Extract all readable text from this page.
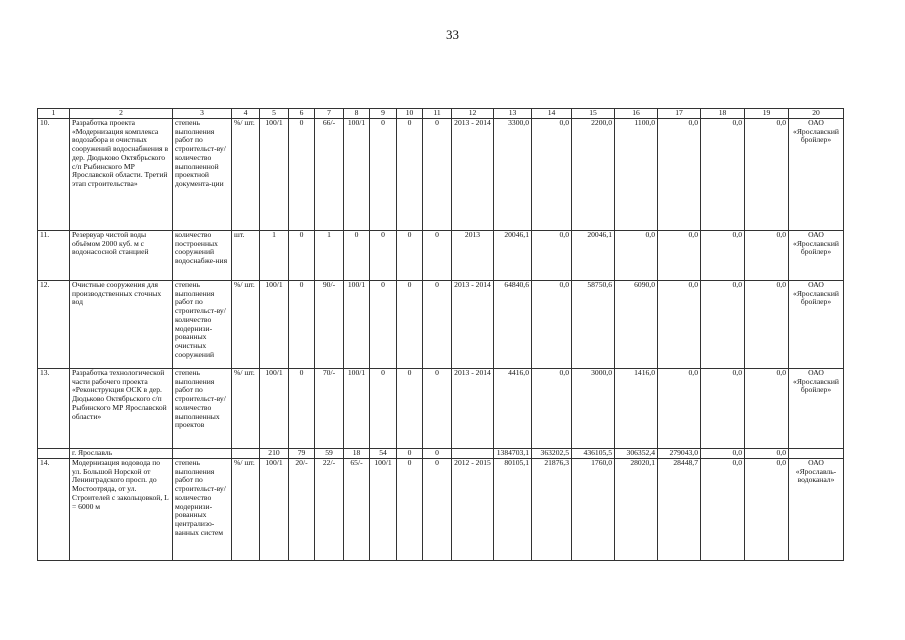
33
1	2	3	4	5	6	7	8	9	10	11	12	13	14	15	16	17	18	19	20
10.	Разработка проекта «Модернизация комплекса водозабора и очистных сооружений водоснабжения в дер. Дюдьково Октябрьского с/п Рыбинского МР Ярославской области. Третий этап строительства»	степень выполнения работ по строительст-ву/количество выполненной проектной документа-ции	%/ шт.	100/1	0	66/-	100/1	0	0	0	2013 - 2014	3300,0	0,0	2200,0	1100,0	0,0	0,0	0,0	ОАО «Ярославский бройлер»
11.	Резервуар чистой воды объёмом 2000 куб. м с водонасосной станцией	количество построенных сооружений водоснабже-ния	шт.	1	0	1	0	0	0	0	2013	20046,1	0,0	20046,1	0,0	0,0	0,0	0,0	ОАО «Ярославский бройлер»
12.	Очистные сооружения для производственных сточных вод	степень выполнения работ по строительст-ву/количество модернизи-рованных очистных сооружений	%/ шт.	100/1	0	90/-	100/1	0	0	0	2013 - 2014	64840,6	0,0	58750,6	6090,0	0,0	0,0	0,0	ОАО «Ярославский бройлер»
13.	Разработка технологической части рабочего проекта «Реконструкция ОСК в дер. Дюдьково Октябрьского с/п Рыбинского МР Ярославской области»	степень выполнения работ по строительст-ву/количество выполненных проектов	%/ шт.	100/1	0	70/-	100/1	0	0	0	2013 - 2014	4416,0	0,0	3000,0	1416,0	0,0	0,0	0,0	ОАО «Ярославский бройлер»
	г. Ярославль			210	79	59	18	54	0	0		1384703,1	363202,5	436105,5	306352,4	279043,0	0,0	0,0	
14.	Модернизация водовода по ул. Большой Норской от Ленинградского просп. до Мостоотряда, от ул. Строителей с закольцовкой, L = 6000 м	степень выполнения работ по строительст-ву/количество модернизи-рованных централизо-ванных систем	%/ шт.	100/1	20/-	22/-	65/-	100/1	0	0	2012 - 2015	80105,1	21876,3	1760,0	28020,1	28448,7	0,0	0,0	ОАО «Ярославль-водоканал»
